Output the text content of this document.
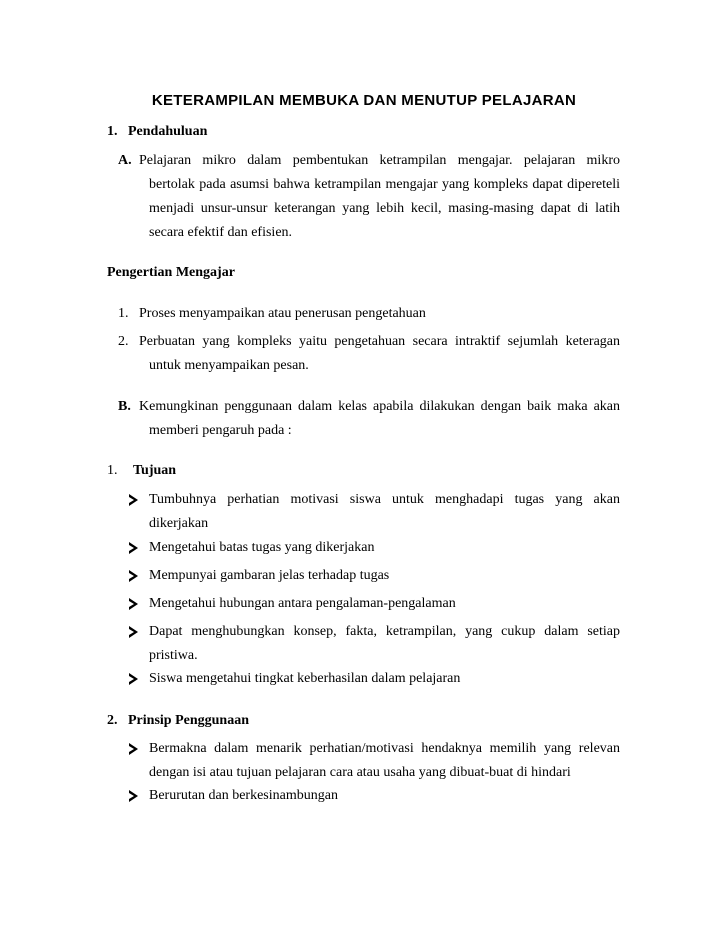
KETERAMPILAN MEMBUKA DAN MENUTUP PELAJARAN
1. Pendahuluan
A. Pelajaran mikro dalam pembentukan ketrampilan mengajar. pelajaran mikro
bertolak pada asumsi bahwa ketrampilan mengajar yang kompleks dapat dipereteli
menjadi unsur-unsur keterangan yang lebih kecil, masing-masing dapat di latih
secara efektif dan efisien.
Pengertian Mengajar
1. Proses menyampaikan atau penerusan pengetahuan
2. Perbuatan yang kompleks yaitu pengetahuan secara intraktif sejumlah keteragan
untuk menyampaikan pesan.
B. Kemungkinan penggunaan dalam kelas apabila dilakukan dengan baik maka akan
memberi pengaruh pada :
1. Tujuan
Tumbuhnya perhatian motivasi siswa untuk menghadapi tugas yang akan
dikerjakan
Mengetahui batas tugas yang dikerjakan
Mempunyai gambaran jelas terhadap tugas
Mengetahui hubungan antara pengalaman-pengalaman
Dapat menghubungkan konsep, fakta, ketrampilan, yang cukup dalam setiap
pristiwa.
Siswa mengetahui tingkat keberhasilan dalam pelajaran
2. Prinsip Penggunaan
Bermakna dalam menarik perhatian/motivasi hendaknya memilih yang relevan
dengan isi atau tujuan pelajaran cara atau usaha yang dibuat-buat di hindari
Berurutan dan berkesinambungan
